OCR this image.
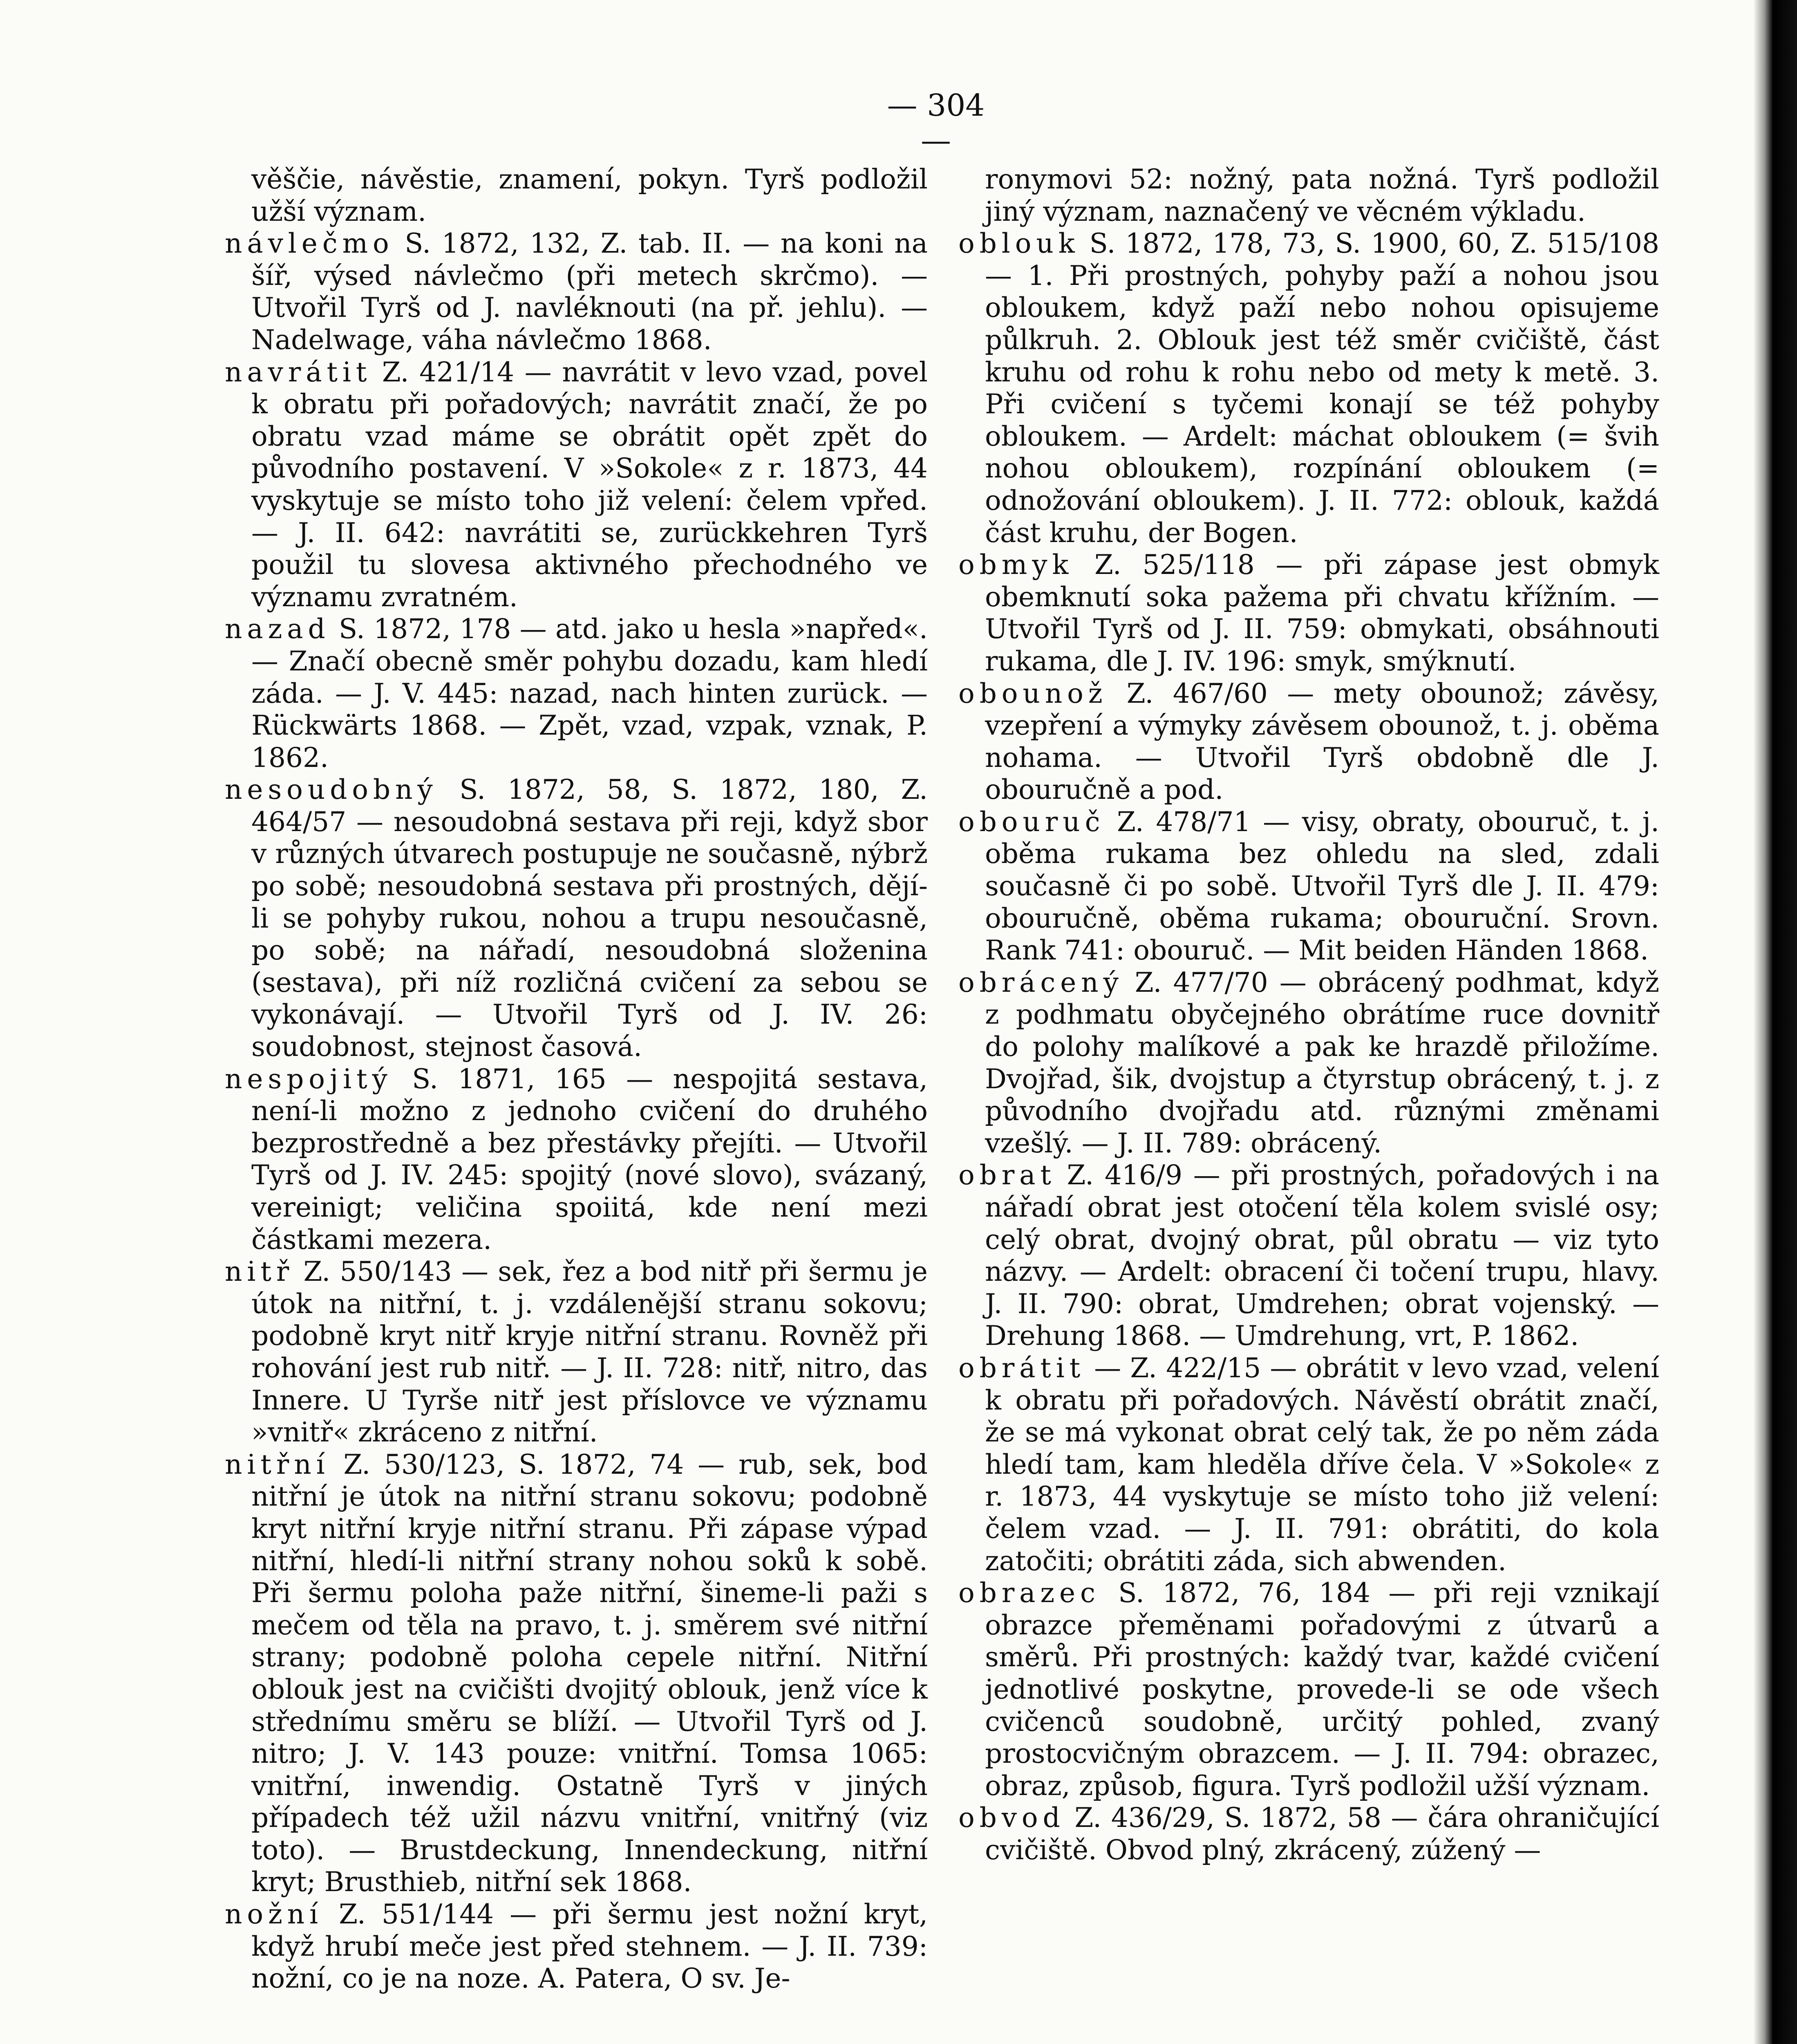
— 304 —

věščie, návěstie, znamení, pokyn. Tyrš podložil užší význam.

návlečmo S. 1872, 132, Z. tab. II. — na koni na šíř, výsed návlečmo (při metech skrčmo). — Utvořil Tyrš od J. navléknouti (na př. jehlu). — Nadelwage, váha návlečmo 1868.

navrátit Z. 421/14 — navrátit v levo vzad, povel k obratu při pořadových; navrátit značí, že po obratu vzad máme se obrátit opět zpět do původního postavení. V »Sokole« z r. 1873, 44 vyskytuje se místo toho již velení: čelem vpřed. — J. II. 642: navrátiti se, zurückkehren Tyrš použil tu slovesa aktivného přechodného ve významu zvratném.

nazad S. 1872, 178 — atd. jako u hesla »napřed«. — Značí obecně směr pohybu dozadu, kam hledí záda. — J. V. 445: nazad, nach hinten zurück. — Rückwärts 1868. — Zpět, vzad, vzpak, vznak, P. 1862.

nesoudobný S. 1872, 58, S. 1872, 180, Z. 464/57 — nesoudobná sestava při reji, když sbor v různých útvarech postupuje ne současně, nýbrž po sobě; nesoudobná sestava při prostných, dějí-li se pohyby rukou, nohou a trupu nesoučasně, po sobě; na nářadí, nesoudobná složenina (sestava), při níž rozličná cvičení za sebou se vykonávají. — Utvořil Tyrš od J. IV. 26: soudobnost, stejnost časová.

nespojitý S. 1871, 165 — nespojitá sestava, není-li možno z jednoho cvičení do druhého bezprostředně a bez přestávky přejíti. — Utvořil Tyrš od J. IV. 245: spojitý (nové slovo), svázaný, vereinigt; veličina spoiitá, kde není mezi částkami mezera.

nitř Z. 550/143 — sek, řez a bod nitř při šermu je útok na nitřní, t. j. vzdálenější stranu sokovu; podobně kryt nitř kryje nitřní stranu. Rovněž při rohování jest rub nitř. — J. II. 728: nitř, nitro, das Innere. U Tyrše nitř jest příslovce ve významu »vnitř« zkráceno z nitřní.

nitřní Z. 530/123, S. 1872, 74 — rub, sek, bod nitřní je útok na nitřní stranu sokovu; podobně kryt nitřní kryje nitřní stranu. Při zápase výpad nitřní, hledí-li nitřní strany nohou soků k sobě. Při šermu poloha paže nitřní, šineme-li paži s mečem od těla na pravo, t. j. směrem své nitřní strany; podobně poloha cepele nitřní. Nitřní oblouk jest na cvičišti dvojitý oblouk, jenž více k střednímu směru se blíží. — Utvořil Tyrš od J. nitro; J. V. 143 pouze: vnitřní. Tomsa 1065: vnitřní, inwendig. Ostatně Tyrš v jiných případech též užil názvu vnitřní, vnitřný (viz toto). — Brustdeckung, Innendeckung, nitřní kryt; Brusthieb, nitřní sek 1868.

nožní Z. 551/144 — při šermu jest nožní kryt, když hrubí meče jest před stehnem. — J. II. 739: nožní, co je na noze. A. Patera, O sv. Je-

ronymovi 52: nožný, pata nožná. Tyrš podložil jiný význam, naznačený ve věcném výkladu.

oblouk S. 1872, 178, 73, S. 1900, 60, Z. 515/108 — 1. Při prostných, pohyby paží a nohou jsou obloukem, když paží nebo nohou opisujeme půlkruh. 2. Oblouk jest též směr cvičiště, část kruhu od rohu k rohu nebo od mety k metě. 3. Při cvičení s tyčemi konají se též pohyby obloukem. — Ardelt: máchat obloukem (= švih nohou obloukem), rozpínání obloukem (= odnožování obloukem). J. II. 772: oblouk, každá část kruhu, der Bogen.

obmyk Z. 525/118 — při zápase jest obmyk obemknutí soka pažema při chvatu křížním. — Utvořil Tyrš od J. II. 759: obmykati, obsáhnouti rukama, dle J. IV. 196: smyk, smýknutí.

obounož Z. 467/60 — mety obounož; závěsy, vzepření a výmyky závěsem obounož, t. j. oběma nohama. — Utvořil Tyrš obdobně dle J. obouručně a pod.

obouruč Z. 478/71 — visy, obraty, obouruč, t. j. oběma rukama bez ohledu na sled, zdali současně či po sobě. Utvořil Tyrš dle J. II. 479: obouručně, oběma rukama; obouruční. Srovn. Rank 741: obouruč. — Mit beiden Händen 1868.

obrácený Z. 477/70 — obrácený podhmat, když z podhmatu obyčejného obrátíme ruce dovnitř do polohy malíkové a pak ke hrazdě přiložíme. Dvojřad, šik, dvojstup a čtyrstup obrácený, t. j. z původního dvojřadu atd. různými změnami vzešlý. — J. II. 789: obrácený.

obrat Z. 416/9 — při prostných, pořadových i na nářadí obrat jest otočení těla kolem svislé osy; celý obrat, dvojný obrat, půl obratu — viz tyto názvy. — Ardelt: obracení či točení trupu, hlavy. J. II. 790: obrat, Umdrehen; obrat vojenský. — Drehung 1868. — Umdrehung, vrt, P. 1862.

obrátit — Z. 422/15 — obrátit v levo vzad, velení k obratu při pořadových. Návěstí obrátit značí, že se má vykonat obrat celý tak, že po něm záda hledí tam, kam hleděla dříve čela. V »Sokole« z r. 1873, 44 vyskytuje se místo toho již velení: čelem vzad. — J. II. 791: obrátiti, do kola zatočiti; obrátiti záda, sich abwenden.

obrazec S. 1872, 76, 184 — při reji vznikají obrazce přeměnami pořadovými z útvarů a směrů. Při prostných: každý tvar, každé cvičení jednotlivé poskytne, provede-li se ode všech cvičenců soudobně, určitý pohled, zvaný prostocvičným obrazcem. — J. II. 794: obrazec, obraz, způsob, figura. Tyrš podložil užší význam.

obvod Z. 436/29, S. 1872, 58 — čára ohraničující cvičiště. Obvod plný, zkrácený, zúžený —
